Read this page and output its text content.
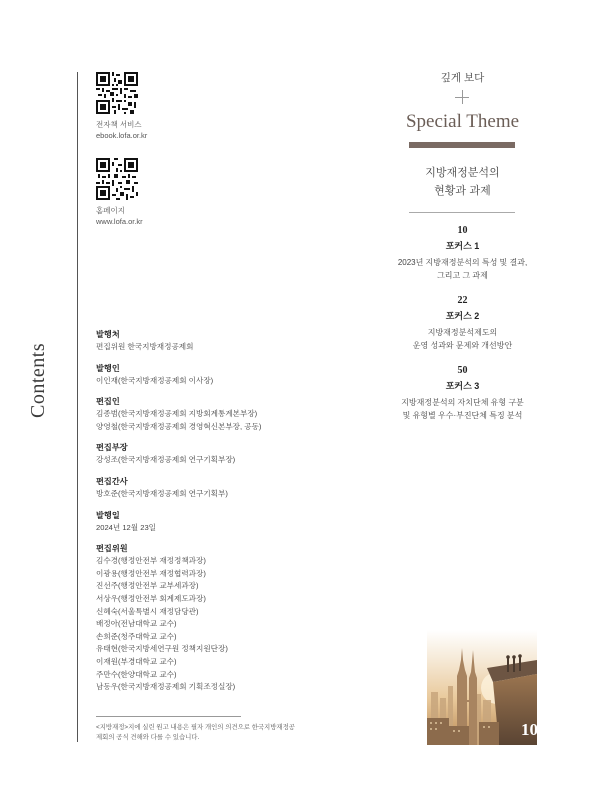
Contents
전자책 서비스
ebook.lofa.or.kr
홈페이지
www.lofa.or.kr
발행처
편집위원 한국지방재정공제회
발행인
이인재(한국지방재정공제회 이사장)
편집인
김종범(한국지방재정공제회 지방회계통계본부장)
양영철(한국지방재정공제회 경영혁신본부장, 공동)
편집부장
강성조(한국지방재정공제회 연구기획부장)
편집간사
방호준(한국지방재정공제회 연구기획부)
발행일
2024년 12월 23일
편집위원
김수경(행정안전부 재정정책과장)
이광용(행정안전부 재정협력과장)
진선주(행정안전부 교부세과장)
서상우(행정안전부 회계제도과장)
신혜숙(서울특별시 재정담당관)
배정아(전남대학교 교수)
손희준(청주대학교 교수)
유태현(한국지방세연구원 정책지원단장)
이재원(부경대학교 교수)
주만수(한양대학교 교수)
남동우(한국지방재정공제회 기획조정실장)
<지방재정>지에 실린 원고 내용은 필자 개인의 의견으로 한국지방재정공제회의 공식 견해와 다를 수 있습니다.
깊게 보다
Special Theme
지방재정분석의
현황과 과제
10
포커스 1
2023년 지방재정분석의 특성 및 결과,
그리고 그 과제
22
포커스 2
지방재정분석제도의
운영 성과와 문제와 개선방안
50
포커스 3
지방재정분석의 자치단체 유형 구분
및 유형별 우수·부진단체 특징 분석
10
